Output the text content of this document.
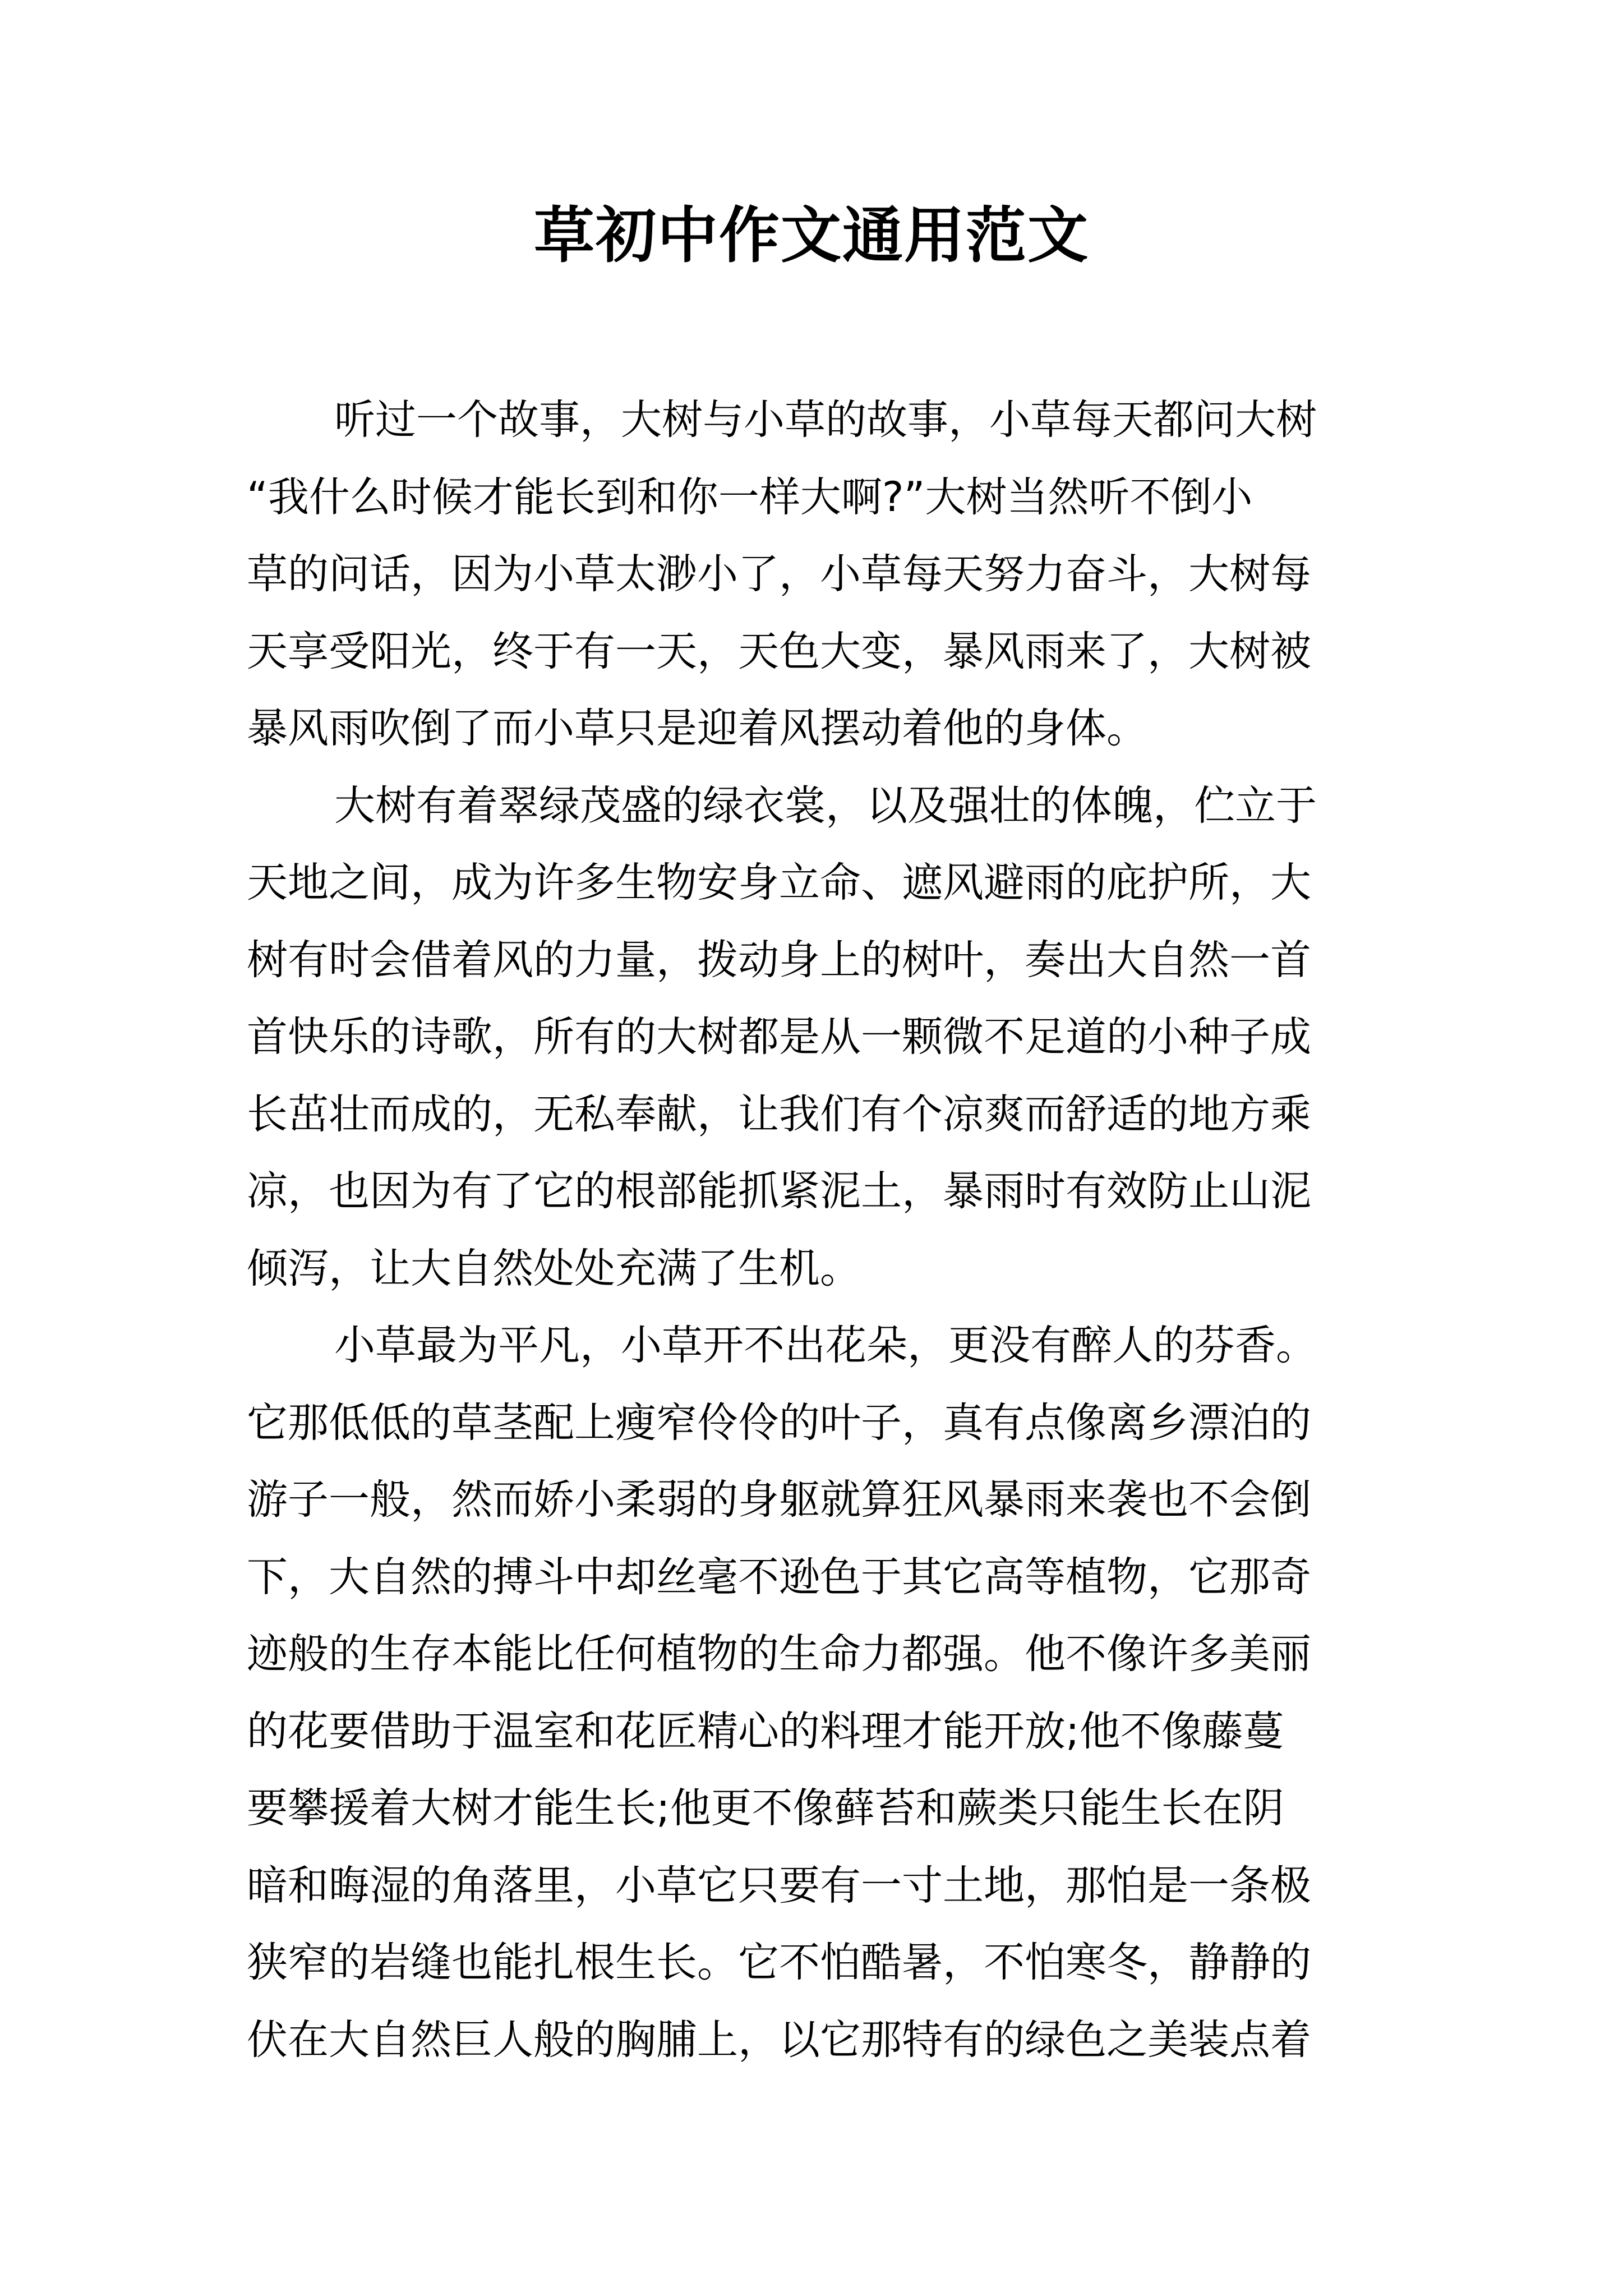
草初中作文通用范文

听过一个故事，大树与小草的故事，小草每天都问大树
“我什么时候才能长到和你一样大啊?”大树当然听不倒小
草的问话，因为小草太渺小了，小草每天努力奋斗，大树每
天享受阳光，终于有一天，天色大变，暴风雨来了，大树被
暴风雨吹倒了而小草只是迎着风摆动着他的身体。

大树有着翠绿茂盛的绿衣裳，以及强壮的体魄，伫立于
天地之间，成为许多生物安身立命、遮风避雨的庇护所，大
树有时会借着风的力量，拨动身上的树叶，奏出大自然一首
首快乐的诗歌，所有的大树都是从一颗微不足道的小种子成
长茁壮而成的，无私奉献，让我们有个凉爽而舒适的地方乘
凉，也因为有了它的根部能抓紧泥土，暴雨时有效防止山泥
倾泻，让大自然处处充满了生机。

小草最为平凡，小草开不出花朵，更没有醉人的芬香。
它那低低的草茎配上瘦窄伶伶的叶子，真有点像离乡漂泊的
游子一般，然而娇小柔弱的身躯就算狂风暴雨来袭也不会倒
下，大自然的搏斗中却丝毫不逊色于其它高等植物，它那奇
迹般的生存本能比任何植物的生命力都强。他不像许多美丽
的花要借助于温室和花匠精心的料理才能开放;他不像藤蔓
要攀援着大树才能生长;他更不像藓苔和蕨类只能生长在阴
暗和晦湿的角落里，小草它只要有一寸土地，那怕是一条极
狭窄的岩缝也能扎根生长。它不怕酷暑，不怕寒冬，静静的
伏在大自然巨人般的胸脯上，以它那特有的绿色之美装点着
